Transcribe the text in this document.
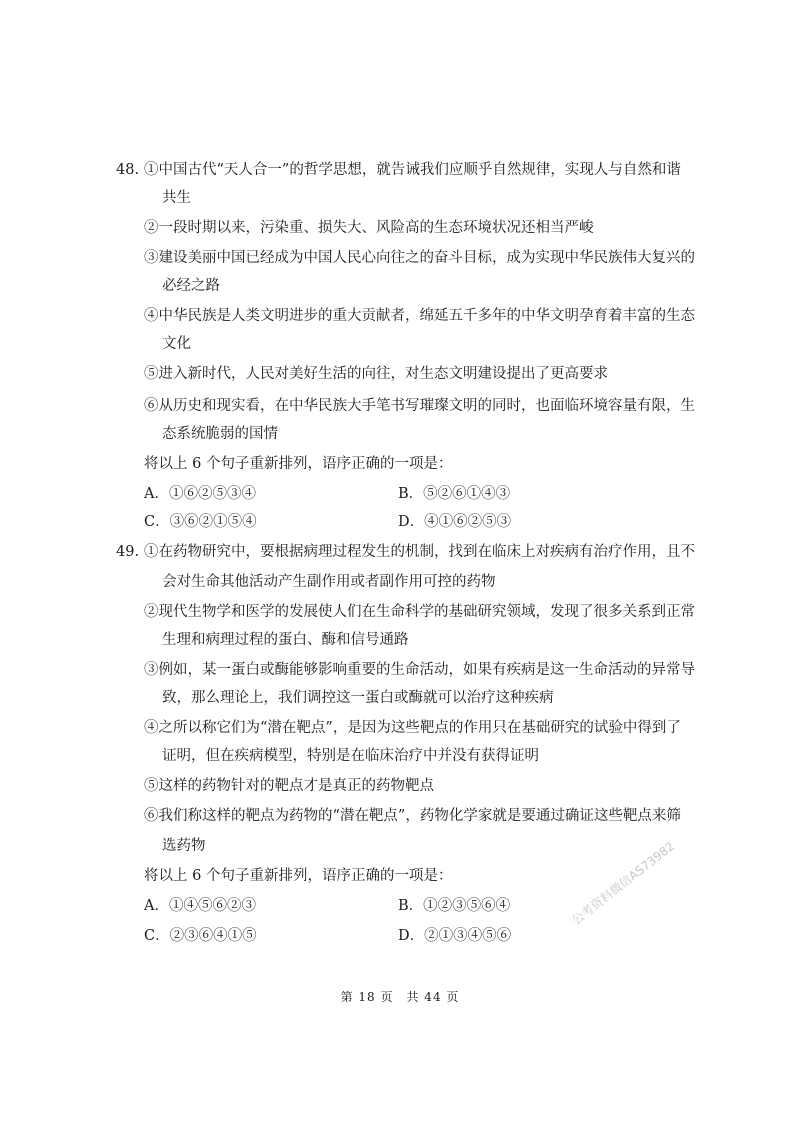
48. ①中国古代“天人合一”的哲学思想，就告诫我们应顺乎自然规律，实现人与自然和谐
共生
②一段时期以来，污染重、损失大、风险高的生态环境状况还相当严峻
③建设美丽中国已经成为中国人民心向往之的奋斗目标，成为实现中华民族伟大复兴的
必经之路
④中华民族是人类文明进步的重大贡献者，绵延五千多年的中华文明孕育着丰富的生态
文化
⑤进入新时代，人民对美好生活的向往，对生态文明建设提出了更高要求
⑥从历史和现实看，在中华民族大手笔书写璀璨文明的同时，也面临环境容量有限，生
态系统脆弱的国情
将以上 6 个句子重新排列，语序正确的一项是：
A．①⑥②⑤③④	B．⑤②⑥①④③
C．③⑥②①⑤④	D．④①⑥②⑤③
49. ①在药物研究中，要根据病理过程发生的机制，找到在临床上对疾病有治疗作用，且不
会对生命其他活动产生副作用或者副作用可控的药物
②现代生物学和医学的发展使人们在生命科学的基础研究领域，发现了很多关系到正常
生理和病理过程的蛋白、酶和信号通路
③例如，某一蛋白或酶能够影响重要的生命活动，如果有疾病是这一生命活动的异常导
致，那么理论上，我们调控这一蛋白或酶就可以治疗这种疾病
④之所以称它们为“潜在靶点”，是因为这些靶点的作用只在基础研究的试验中得到了
证明，但在疾病模型，特别是在临床治疗中并没有获得证明
⑤这样的药物针对的靶点才是真正的药物靶点
⑥我们称这样的靶点为药物的“潜在靶点”，药物化学家就是要通过确证这些靶点来筛
选药物
将以上 6 个句子重新排列，语序正确的一项是：
A．①④⑤⑥②③	B．①②③⑤⑥④
C．②③⑥④①⑤	D．②①③④⑤⑥
公考资料微信AS73982
第 18 页　共 44 页
